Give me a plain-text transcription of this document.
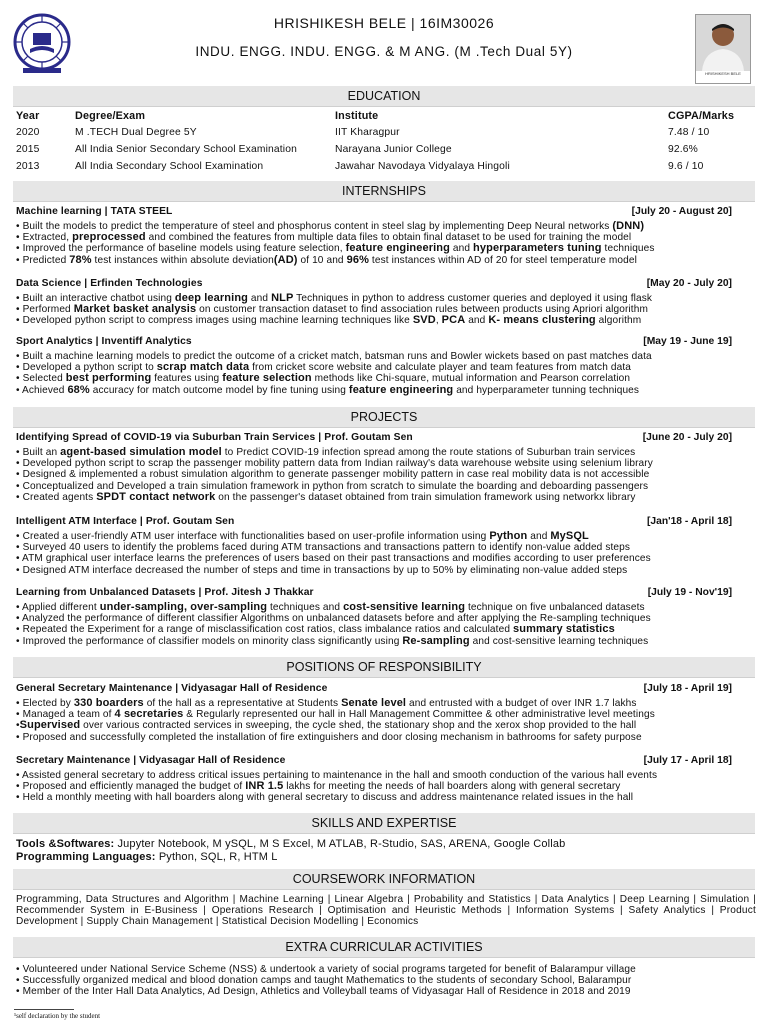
HRISHIKESH BELE | 16IM30026
INDU. ENGG. INDU. ENGG. & M ANG. (M .Tech Dual 5Y)
HRISHIKESH BELE
EDUCATION
Year	Degree/Exam	Institute	CGPA/Marks
2020	M .TECH Dual Degree 5Y	IIT Kharagpur	7.48 / 10
2015	All India Senior Secondary School Examination	Narayana Junior College	92.6%
2013	All India Secondary School Examination	Jawahar Navodaya Vidyalaya Hingoli	9.6 / 10
INTERNSHIPS
Machine learning | TATA STEEL	[July 20 - August 20]
• Built the models to predict the temperature of steel and phosphorus content in steel slag by implementing Deep Neural networks (DNN)
• Extracted, preprocessed and combined the features from multiple data files to obtain final dataset to be used for training the model
• Improved the performance of baseline models using feature selection, feature engineering and hyperparameters tuning techniques
• Predicted 78% test instances within absolute deviation(AD) of 10 and 96% test instances within AD of 20 for steel temperature model
Data Science | Erfinden Technologies	[May 20 - July 20]
• Built an interactive chatbot using deep learning and NLP Techniques in python to address customer queries and deployed it using flask
• Performed Market basket analysis on customer transaction dataset to find association rules between products using Apriori algorithm
• Developed python script to compress images using machine learning techniques like SVD, PCA and K- means clustering algorithm
Sport Analytics | Inventiff Analytics	[May 19 - June 19]
• Built a machine learning models to predict the outcome of a cricket match, batsman runs and Bowler wickets based on past matches data
• Developed a python script to scrap match data from cricket score website and calculate player and team features from match data
• Selected best performing features using feature selection methods like Chi-square, mutual information and Pearson correlation
• Achieved 68% accuracy for match outcome model by fine tuning using feature engineering and hyperparameter tunning techniques
PROJECTS
Identifying Spread of COVID-19 via Suburban Train Services | Prof. Goutam Sen	[June 20 - July 20]
• Built an agent-based simulation model to Predict COVID-19 infection spread among the route stations of Suburban train services
• Developed python script to scrap the passenger mobility pattern data from Indian railway's data warehouse website using selenium library
• Designed & implemented a robust simulation algorithm to generate passenger mobility pattern in case real mobility data is not accessible
• Conceptualized and Developed a train simulation framework in python from scratch to simulate the boarding and deboarding passengers
• Created agents SPDT contact network on the passenger's dataset obtained from train simulation framework using networkx library
Intelligent ATM Interface | Prof. Goutam Sen	[Jan'18 - April 18]
• Created a user-friendly ATM user interface with functionalities based on user-profile information using Python and MySQL
• Surveyed 40 users to identify the problems faced during ATM transactions and transactions pattern to identify non-value added steps
• ATM graphical user interface learns the preferences of users based on their past transactions and modifies according to user preferences
• Designed ATM interface decreased the number of steps and time in transactions by up to 50% by eliminating non-value added steps
Learning from Unbalanced Datasets | Prof. Jitesh J Thakkar	[July 19 - Nov'19]
• Applied different under-sampling, over-sampling techniques and cost-sensitive learning technique on five unbalanced datasets
• Analyzed the performance of different classifier Algorithms on unbalanced datasets before and after applying the Re-sampling techniques
• Repeated the Experiment for a range of misclassification cost ratios, class imbalance ratios and calculated summary statistics
• Improved the performance of classifier models on minority class significantly using Re-sampling and cost-sensitive learning techniques
POSITIONS OF RESPONSIBILITY
General Secretary Maintenance | Vidyasagar Hall of Residence	[July 18 - April 19]
• Elected by 330 boarders of the hall as a representative at Students Senate level and entrusted with a budget of over INR 1.7 lakhs
• Managed a team of 4 secretaries & Regularly represented our hall in Hall Management Committee & other administrative level meetings
•Supervised over various contracted services in sweeping, the cycle shed, the stationary shop and the xerox shop provided to the hall
• Proposed and successfully completed the installation of fire extinguishers and door closing mechanism in bathrooms for safety purpose
Secretary Maintenance | Vidyasagar Hall of Residence	[July 17 - April 18]
• Assisted general secretary to address critical issues pertaining to maintenance in the hall and smooth conduction of the various hall events
• Proposed and efficiently managed the budget of INR 1.5 lakhs for meeting the needs of hall boarders along with general secretary
• Held a monthly meeting with hall boarders along with general secretary to discuss and address maintenance related issues in the hall
SKILLS AND EXPERTISE
Tools &Softwares: Jupyter Notebook, M ySQL, M S Excel, M ATLAB, R-Studio, SAS, ARENA, Google Collab
Programming Languages: Python, SQL, R, HTM L
COURSEWORK INFORMATION
Programming, Data Structures and Algorithm | Machine Learning | Linear Algebra | Probability and Statistics | Data Analytics | Deep Learning | Simulation | Recommender System in E-Business | Operations Research | Optimisation and Heuristic Methods | Information Systems | Safety Analytics | Product Development | Supply Chain Management | Statistical Decision Modelling | Economics
EXTRA CURRICULAR ACTIVITIES
• Volunteered under National Service Scheme (NSS) & undertook a variety of social programs targeted for benefit of Balarampur village
• Successfully organized medical and blood donation camps and taught Mathematics to the students of secondary School, Balarampur
• Member of the Inter Hall Data Analytics, Ad Design, Athletics and Volleyball teams of Vidyasagar Hall of Residence in 2018 and 2019
¹self declaration by the student
